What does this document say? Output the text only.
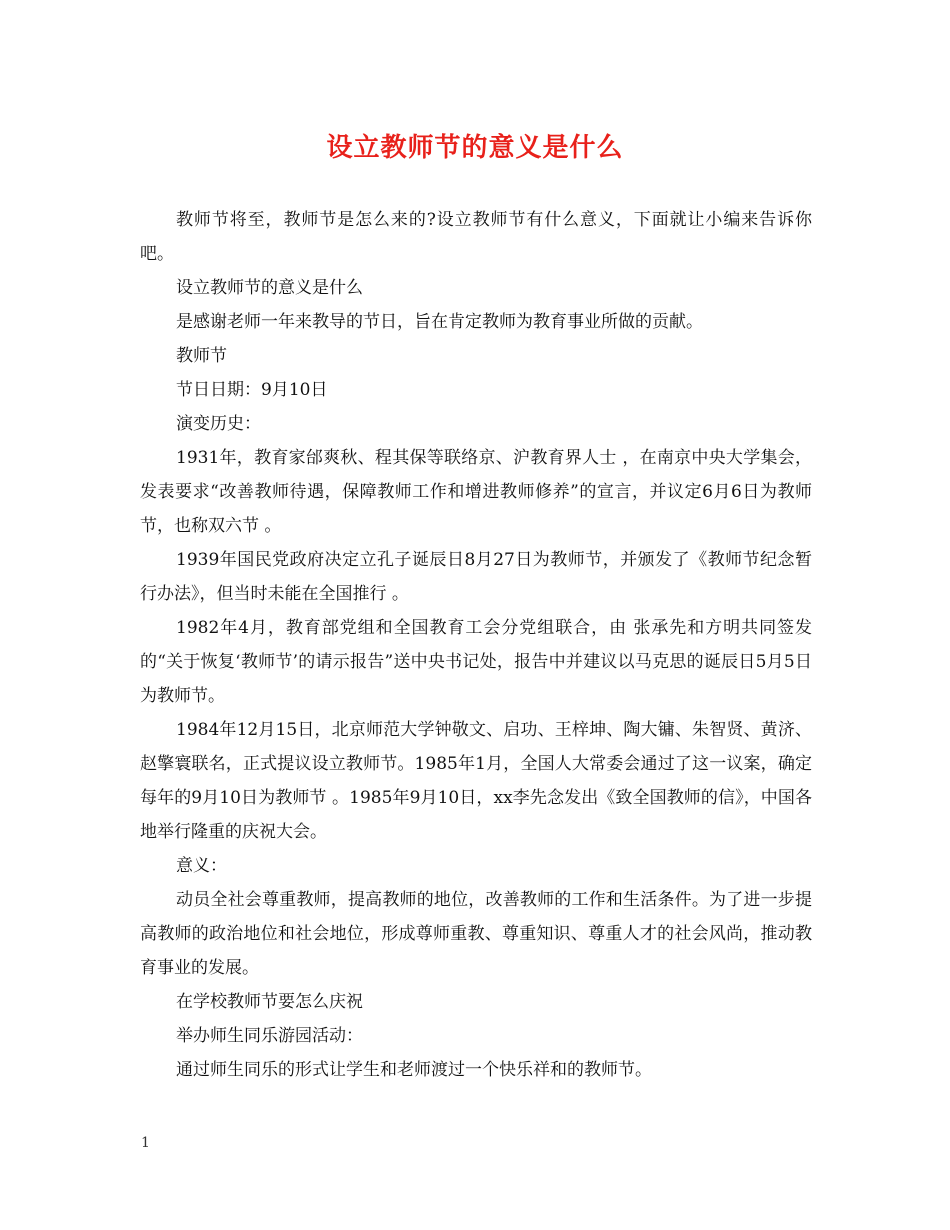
设立教师节的意义是什么

教师节将至，教师节是怎么来的?设立教师节有什么意义，下面就让小编来告诉你吧。

设立教师节的意义是什么

是感谢老师一年来教导的节日，旨在肯定教师为教育事业所做的贡献。

教师节

节日日期：9月10日

演变历史：

1931年，教育家邰爽秋、程其保等联络京、沪教育界人士 ，在南京中央大学集会，发表要求“改善教师待遇，保障教师工作和增进教师修养”的宣言，并议定6月6日为教师节，也称双六节 。

1939年国民党政府决定立孔子诞辰日8月27日为教师节，并颁发了《教师节纪念暂行办法》，但当时未能在全国推行 。

1982年4月，教育部党组和全国教育工会分党组联合，由 张承先和方明共同签发的“关于恢复‘教师节’的请示报告”送中央书记处，报告中并建议以马克思的诞辰日5月5日为教师节。

1984年12月15日，北京师范大学钟敬文、启功、王梓坤、陶大镛、朱智贤、黄济、赵擎寰联名，正式提议设立教师节。1985年1月，全国人大常委会通过了这一议案，确定每年的9月10日为教师节 。1985年9月10日，xx李先念发出《致全国教师的信》，中国各地举行隆重的庆祝大会。

意义：

动员全社会尊重教师，提高教师的地位，改善教师的工作和生活条件。为了进一步提高教师的政治地位和社会地位，形成尊师重教、尊重知识、尊重人才的社会风尚，推动教育事业的发展。

在学校教师节要怎么庆祝

举办师生同乐游园活动：

通过师生同乐的形式让学生和老师渡过一个快乐祥和的教师节。

1
